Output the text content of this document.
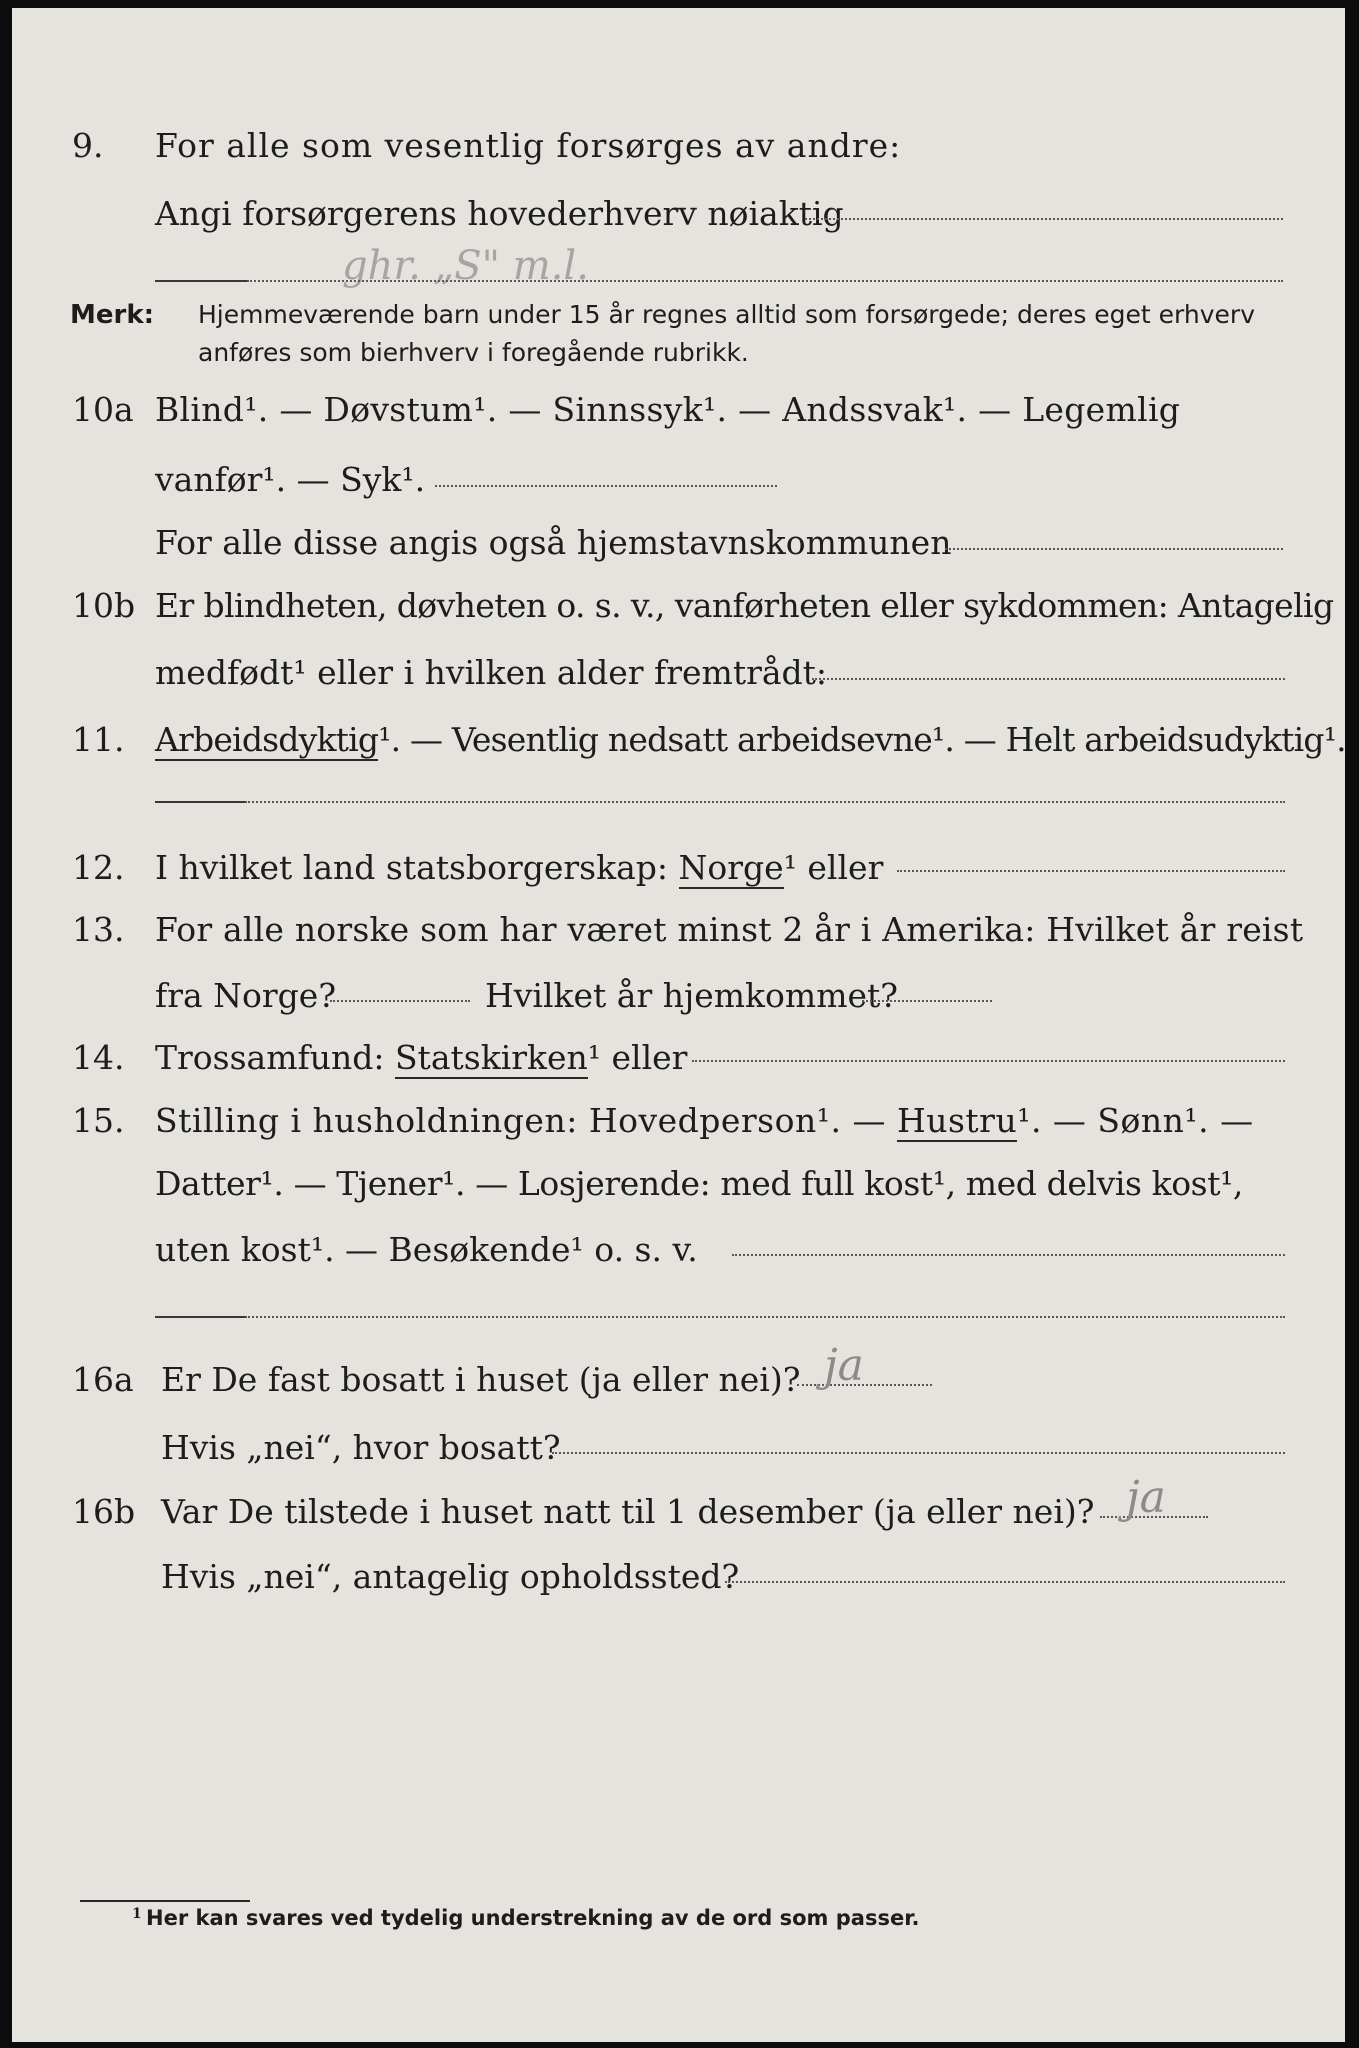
9. For alle som vesentlig forsørges av andre:
Angi forsørgerens hovederhverv nøiaktig
ghr. „S" m.l.
Merk: Hjemmeværende barn under 15 år regnes alltid som forsørgede; deres eget erhverv
anføres som bierhverv i foregående rubrikk.
10a Blind¹. — Døvstum¹. — Sinnssyk¹. — Andssvak¹. — Legemlig
vanfør¹. — Syk¹.
For alle disse angis også hjemstavnskommunen
10b Er blindheten, døvheten o. s. v., vanførheten eller sykdommen: Antagelig
medfødt¹ eller i hvilken alder fremtrådt:
11. Arbeidsdyktig¹. — Vesentlig nedsatt arbeidsevne¹. — Helt arbeidsudyktig¹.
12. I hvilket land statsborgerskap: Norge¹ eller
13. For alle norske som har været minst 2 år i Amerika: Hvilket år reist
fra Norge?	Hvilket år hjemkommet?
14. Trossamfund: Statskirken¹ eller
15. Stilling i husholdningen: Hovedperson¹. — Hustru¹. — Sønn¹. —
Datter¹. — Tjener¹. — Losjerende: med full kost¹, med delvis kost¹,
uten kost¹. — Besøkende¹ o. s. v.
16a Er De fast bosatt i huset (ja eller nei)? ja
Hvis „nei“, hvor bosatt?
16b Var De tilstede i huset natt til 1 desember (ja eller nei)? ja
Hvis „nei“, antagelig opholdssted?
1 Her kan svares ved tydelig understrekning av de ord som passer.
